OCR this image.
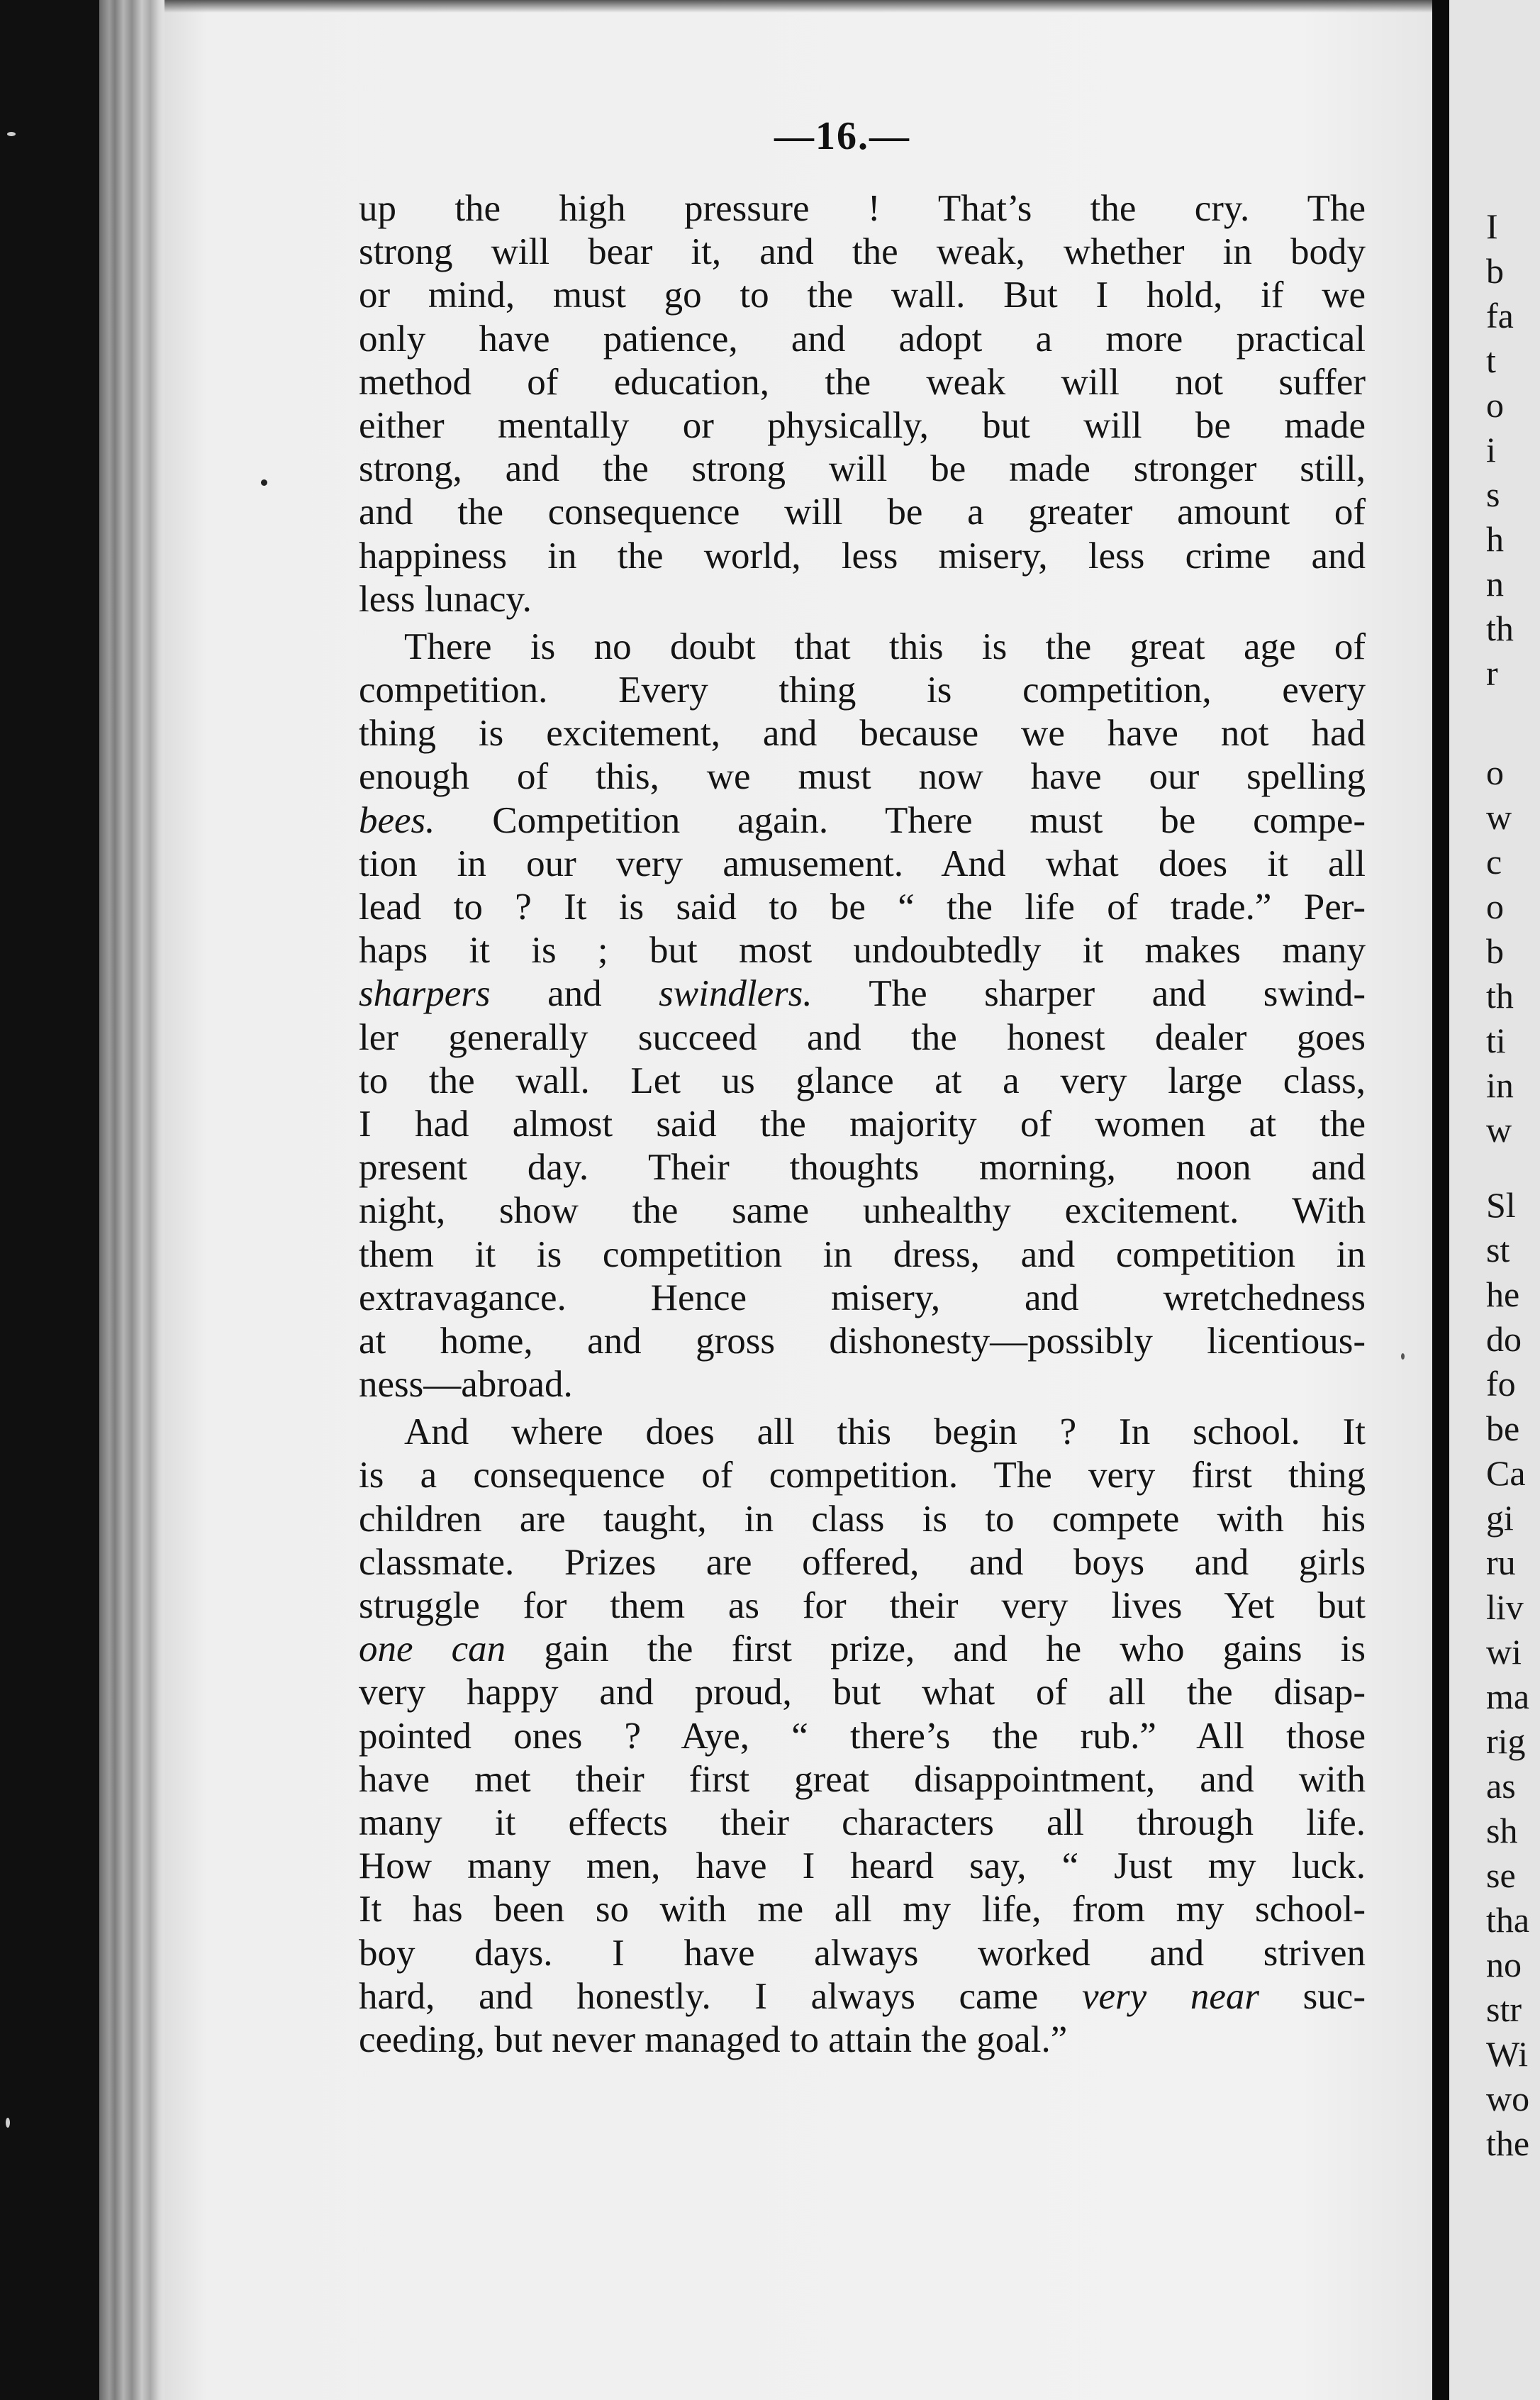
I
b
fa
t
o
i
s
h
n
th
r
o
w
c
o
b
th
ti
in
w
Sl
st
he
do
fo
be
Ca
gi
ru
liv
wi
ma
rig
as
sh
se
tha
no
str
Wi
wo
the
—16.—
up the high pressure ! That’s the cry. The
strong will bear it, and the weak, whether in body
or mind, must go to the wall. But I hold, if we
only have patience, and adopt a more practical
method of education, the weak will not suffer
either mentally or physically, but will be made
strong, and the strong will be made stronger still,
and the consequence will be a greater amount of
happiness in the world, less misery, less crime and
less lunacy.
There is no doubt that this is the great age of
competition. Every thing is competition, every
thing is excitement, and because we have not had
enough of this, we must now have our spelling
bees. Competition again. There must be compe-
tion in our very amusement. And what does it all
lead to ? It is said to be “ the life of trade.” Per-
haps it is ; but most undoubtedly it makes many
sharpers and swindlers. The sharper and swind-
ler generally succeed and the honest dealer goes
to the wall. Let us glance at a very large class,
I had almost said the majority of women at the
present day. Their thoughts morning, noon and
night, show the same unhealthy excitement. With
them it is competition in dress, and competition in
extravagance. Hence misery, and wretchedness
at home, and gross dishonesty—possibly licentious-
ness—abroad.
And where does all this begin ? In school. It
is a consequence of competition. The very first thing
children are taught, in class is to compete with his
classmate. Prizes are offered, and boys and girls
struggle for them as for their very lives Yet but
one can gain the first prize, and he who gains is
very happy and proud, but what of all the disap-
pointed ones ? Aye, “ there’s the rub.” All those
have met their first great disappointment, and with
many it effects their characters all through life.
How many men, have I heard say, “ Just my luck.
It has been so with me all my life, from my school-
boy days. I have always worked and striven
hard, and honestly. I always came very near suc-
ceeding, but never managed to attain the goal.”
